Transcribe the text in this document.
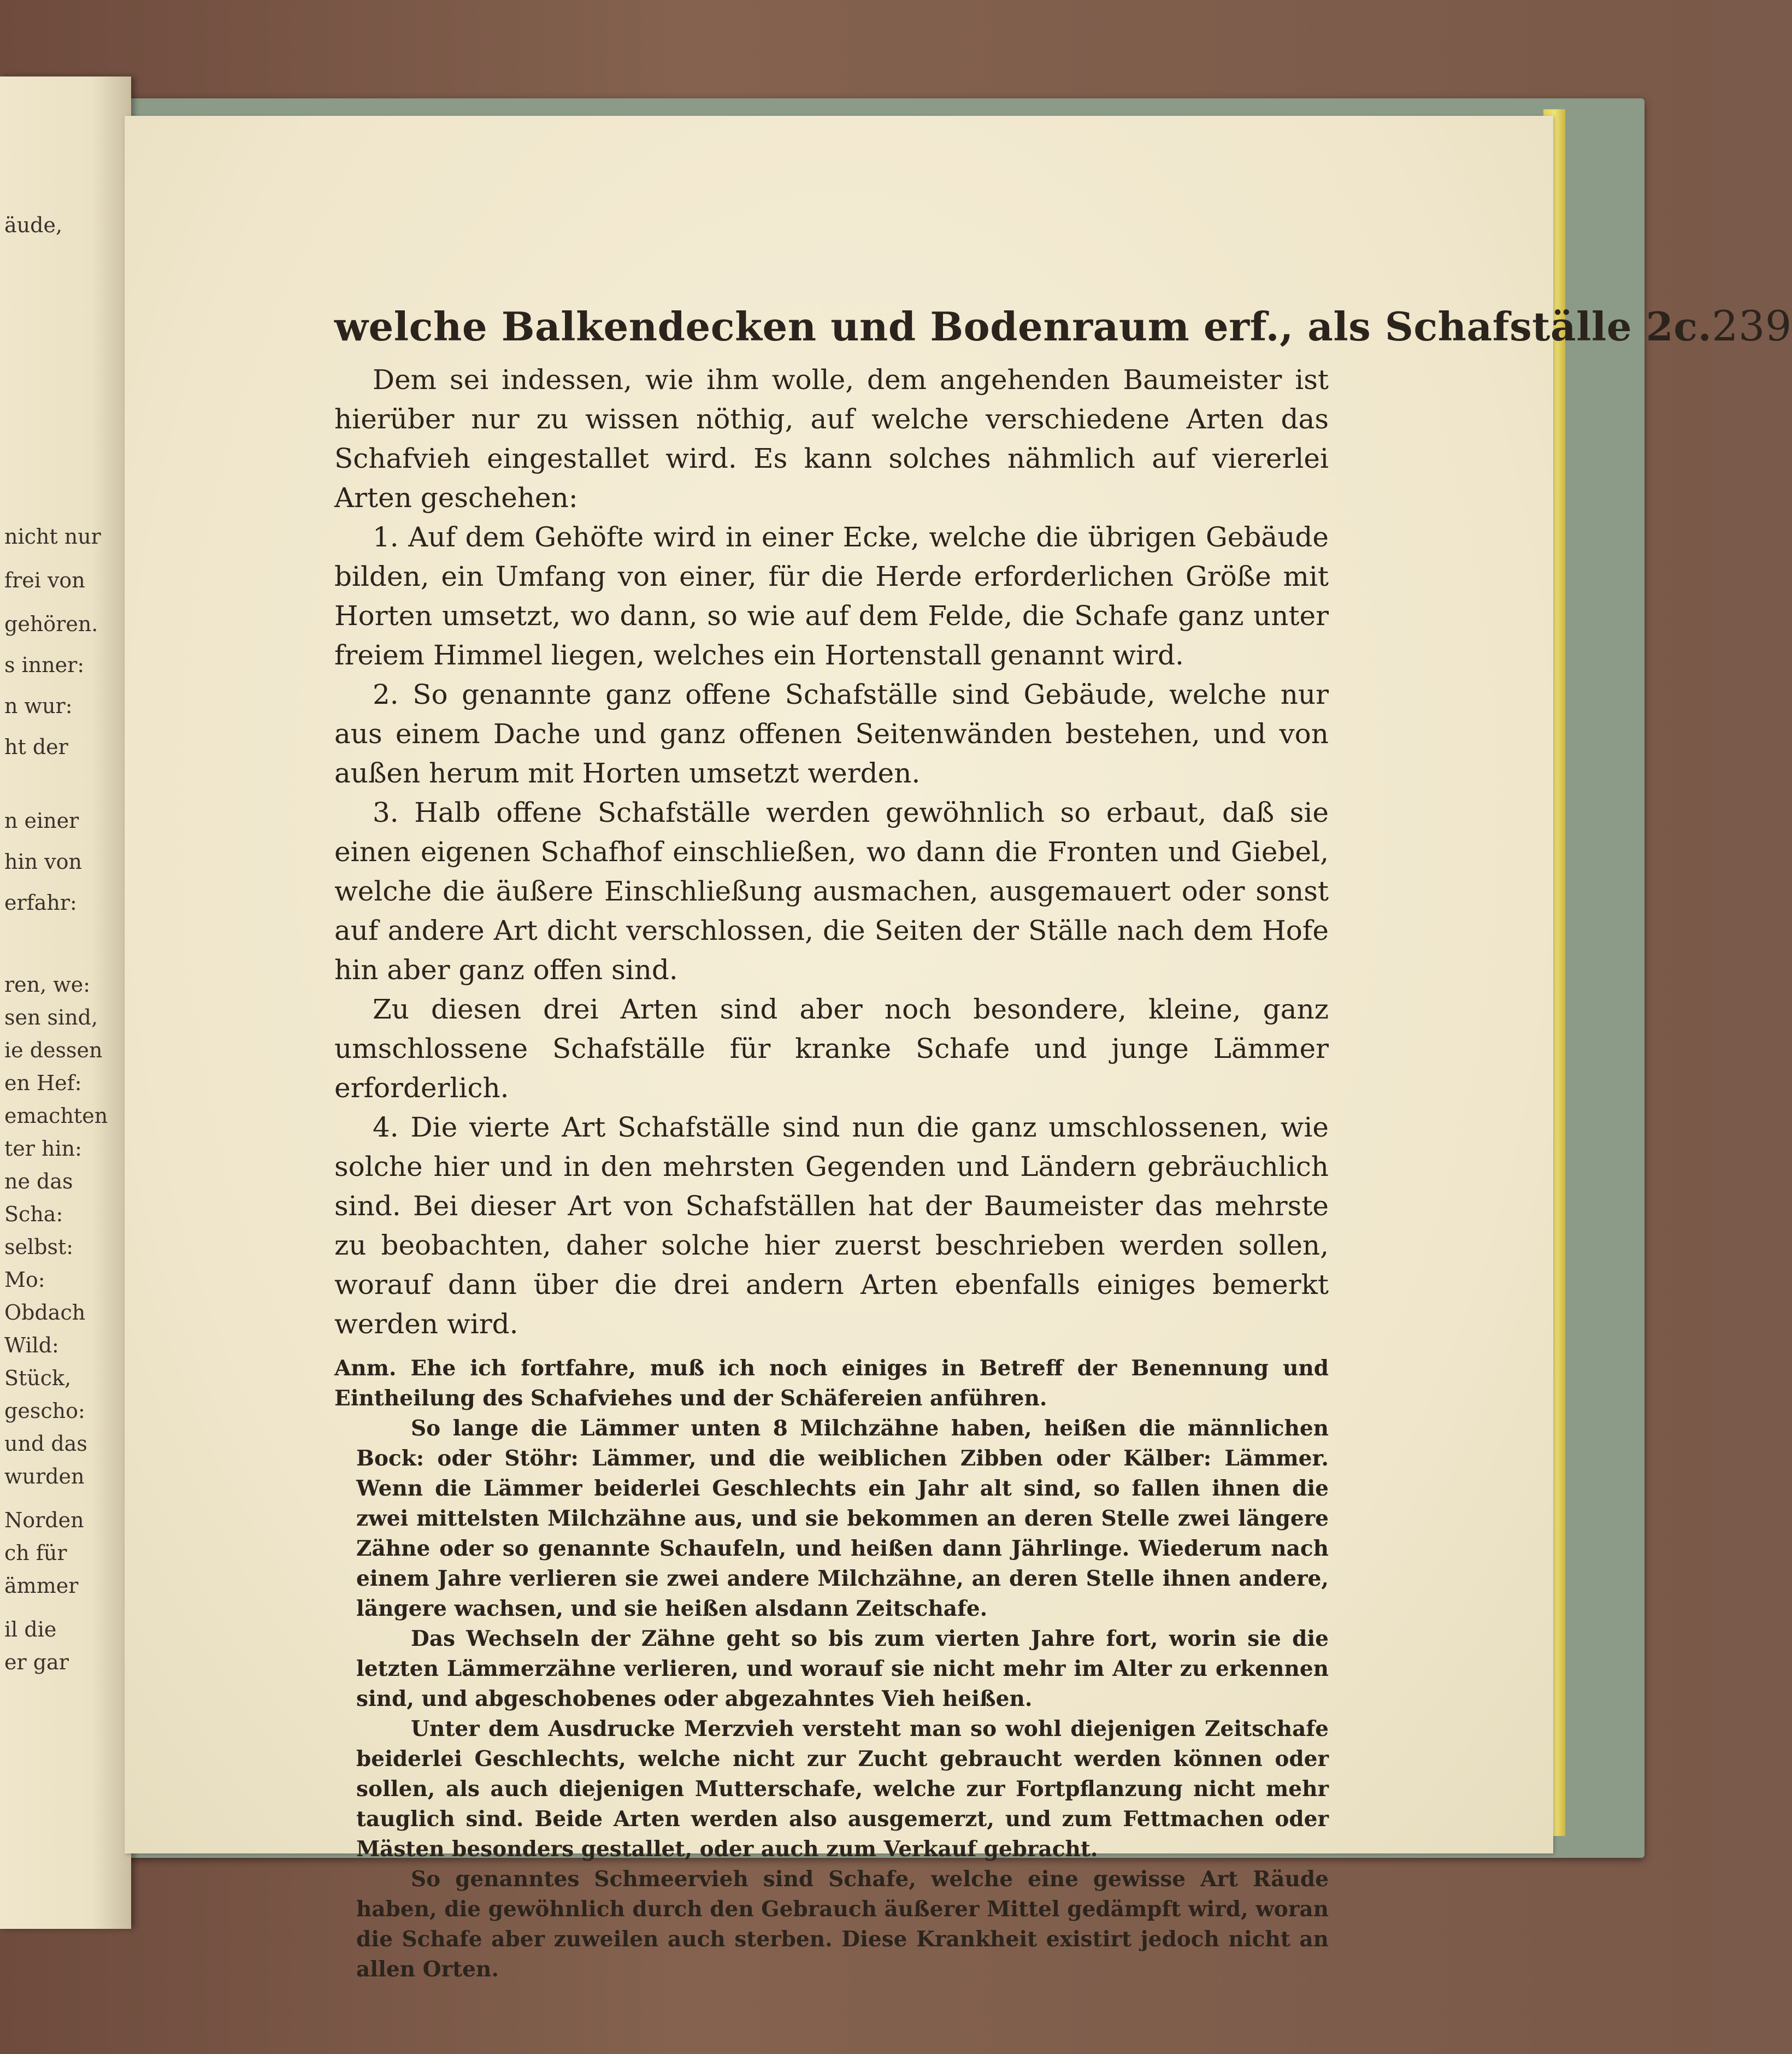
äude,
nicht nur
frei von
gehören.
s inner:
n wur:
ht der
n einer
hin von
erfahr:
ren, we:
sen sind,
ie dessen
en Hef:
emachten
ter hin:
ne das
Scha:
selbst:
Mo:
Obdach
Wild:
Stück,
gescho:
und das
wurden
Norden
ch für
ämmer
il die
er gar
welche Balkendecken und Bodenraum erf., als Schafställe 2c. 239

Dem sei indessen, wie ihm wolle, dem angehenden Baumeister ist hierüber nur zu wissen nöthig, auf welche verschiedene Arten das Schafvieh eingestallet wird. Es kann solches nähmlich auf viererlei Arten geschehen:

1. Auf dem Gehöfte wird in einer Ecke, welche die übrigen Gebäude bilden, ein Umfang von einer, für die Herde erforderlichen Größe mit Horten umsetzt, wo dann, so wie auf dem Felde, die Schafe ganz unter freiem Himmel liegen, welches ein Hortenstall genannt wird.

2. So genannte ganz offene Schafställe sind Gebäude, welche nur aus einem Dache und ganz offenen Seitenwänden bestehen, und von außen herum mit Horten umsetzt werden.

3. Halb offene Schafställe werden gewöhnlich so erbaut, daß sie einen eigenen Schafhof einschließen, wo dann die Fronten und Giebel, welche die äußere Einschließung ausmachen, ausgemauert oder sonst auf andere Art dicht verschlossen, die Seiten der Ställe nach dem Hofe hin aber ganz offen sind.

Zu diesen drei Arten sind aber noch besondere, kleine, ganz umschlossene Schafställe für kranke Schafe und junge Lämmer erforderlich.

4. Die vierte Art Schafställe sind nun die ganz umschlossenen, wie solche hier und in den mehrsten Gegenden und Ländern gebräuchlich sind. Bei dieser Art von Schafställen hat der Baumeister das mehrste zu beobachten, daher solche hier zuerst beschrieben werden sollen, worauf dann über die drei andern Arten ebenfalls einiges bemerkt werden wird.

Anm. Ehe ich fortfahre, muß ich noch einiges in Betreff der Benennung und Eintheilung des Schafviehes und der Schäfereien anführen.

So lange die Lämmer unten 8 Milchzähne haben, heißen die männlichen Bock: oder Stöhr: Lämmer, und die weiblichen Zibben oder Kälber: Lämmer. Wenn die Lämmer beiderlei Geschlechts ein Jahr alt sind, so fallen ihnen die zwei mittelsten Milchzähne aus, und sie bekommen an deren Stelle zwei längere Zähne oder so genannte Schaufeln, und heißen dann Jährlinge. Wiederum nach einem Jahre verlieren sie zwei andere Milchzähne, an deren Stelle ihnen andere, längere wachsen, und sie heißen alsdann Zeitschafe.

Das Wechseln der Zähne geht so bis zum vierten Jahre fort, worin sie die letzten Lämmerzähne verlieren, und worauf sie nicht mehr im Alter zu erkennen sind, und abgeschobenes oder abgezahntes Vieh heißen.

Unter dem Ausdrucke Merzvieh versteht man so wohl diejenigen Zeitschafe beiderlei Geschlechts, welche nicht zur Zucht gebraucht werden können oder sollen, als auch diejenigen Mutterschafe, welche zur Fortpflanzung nicht mehr tauglich sind. Beide Arten werden also ausgemerzt, und zum Fettmachen oder Mästen besonders gestallet, oder auch zum Verkauf gebracht.

So genanntes Schmeervieh sind Schafe, welche eine gewisse Art Räude haben, die gewöhnlich durch den Gebrauch äußerer Mittel gedämpft wird, woran die Schafe aber zuweilen auch sterben. Diese Krankheit existirt jedoch nicht an allen Orten.
